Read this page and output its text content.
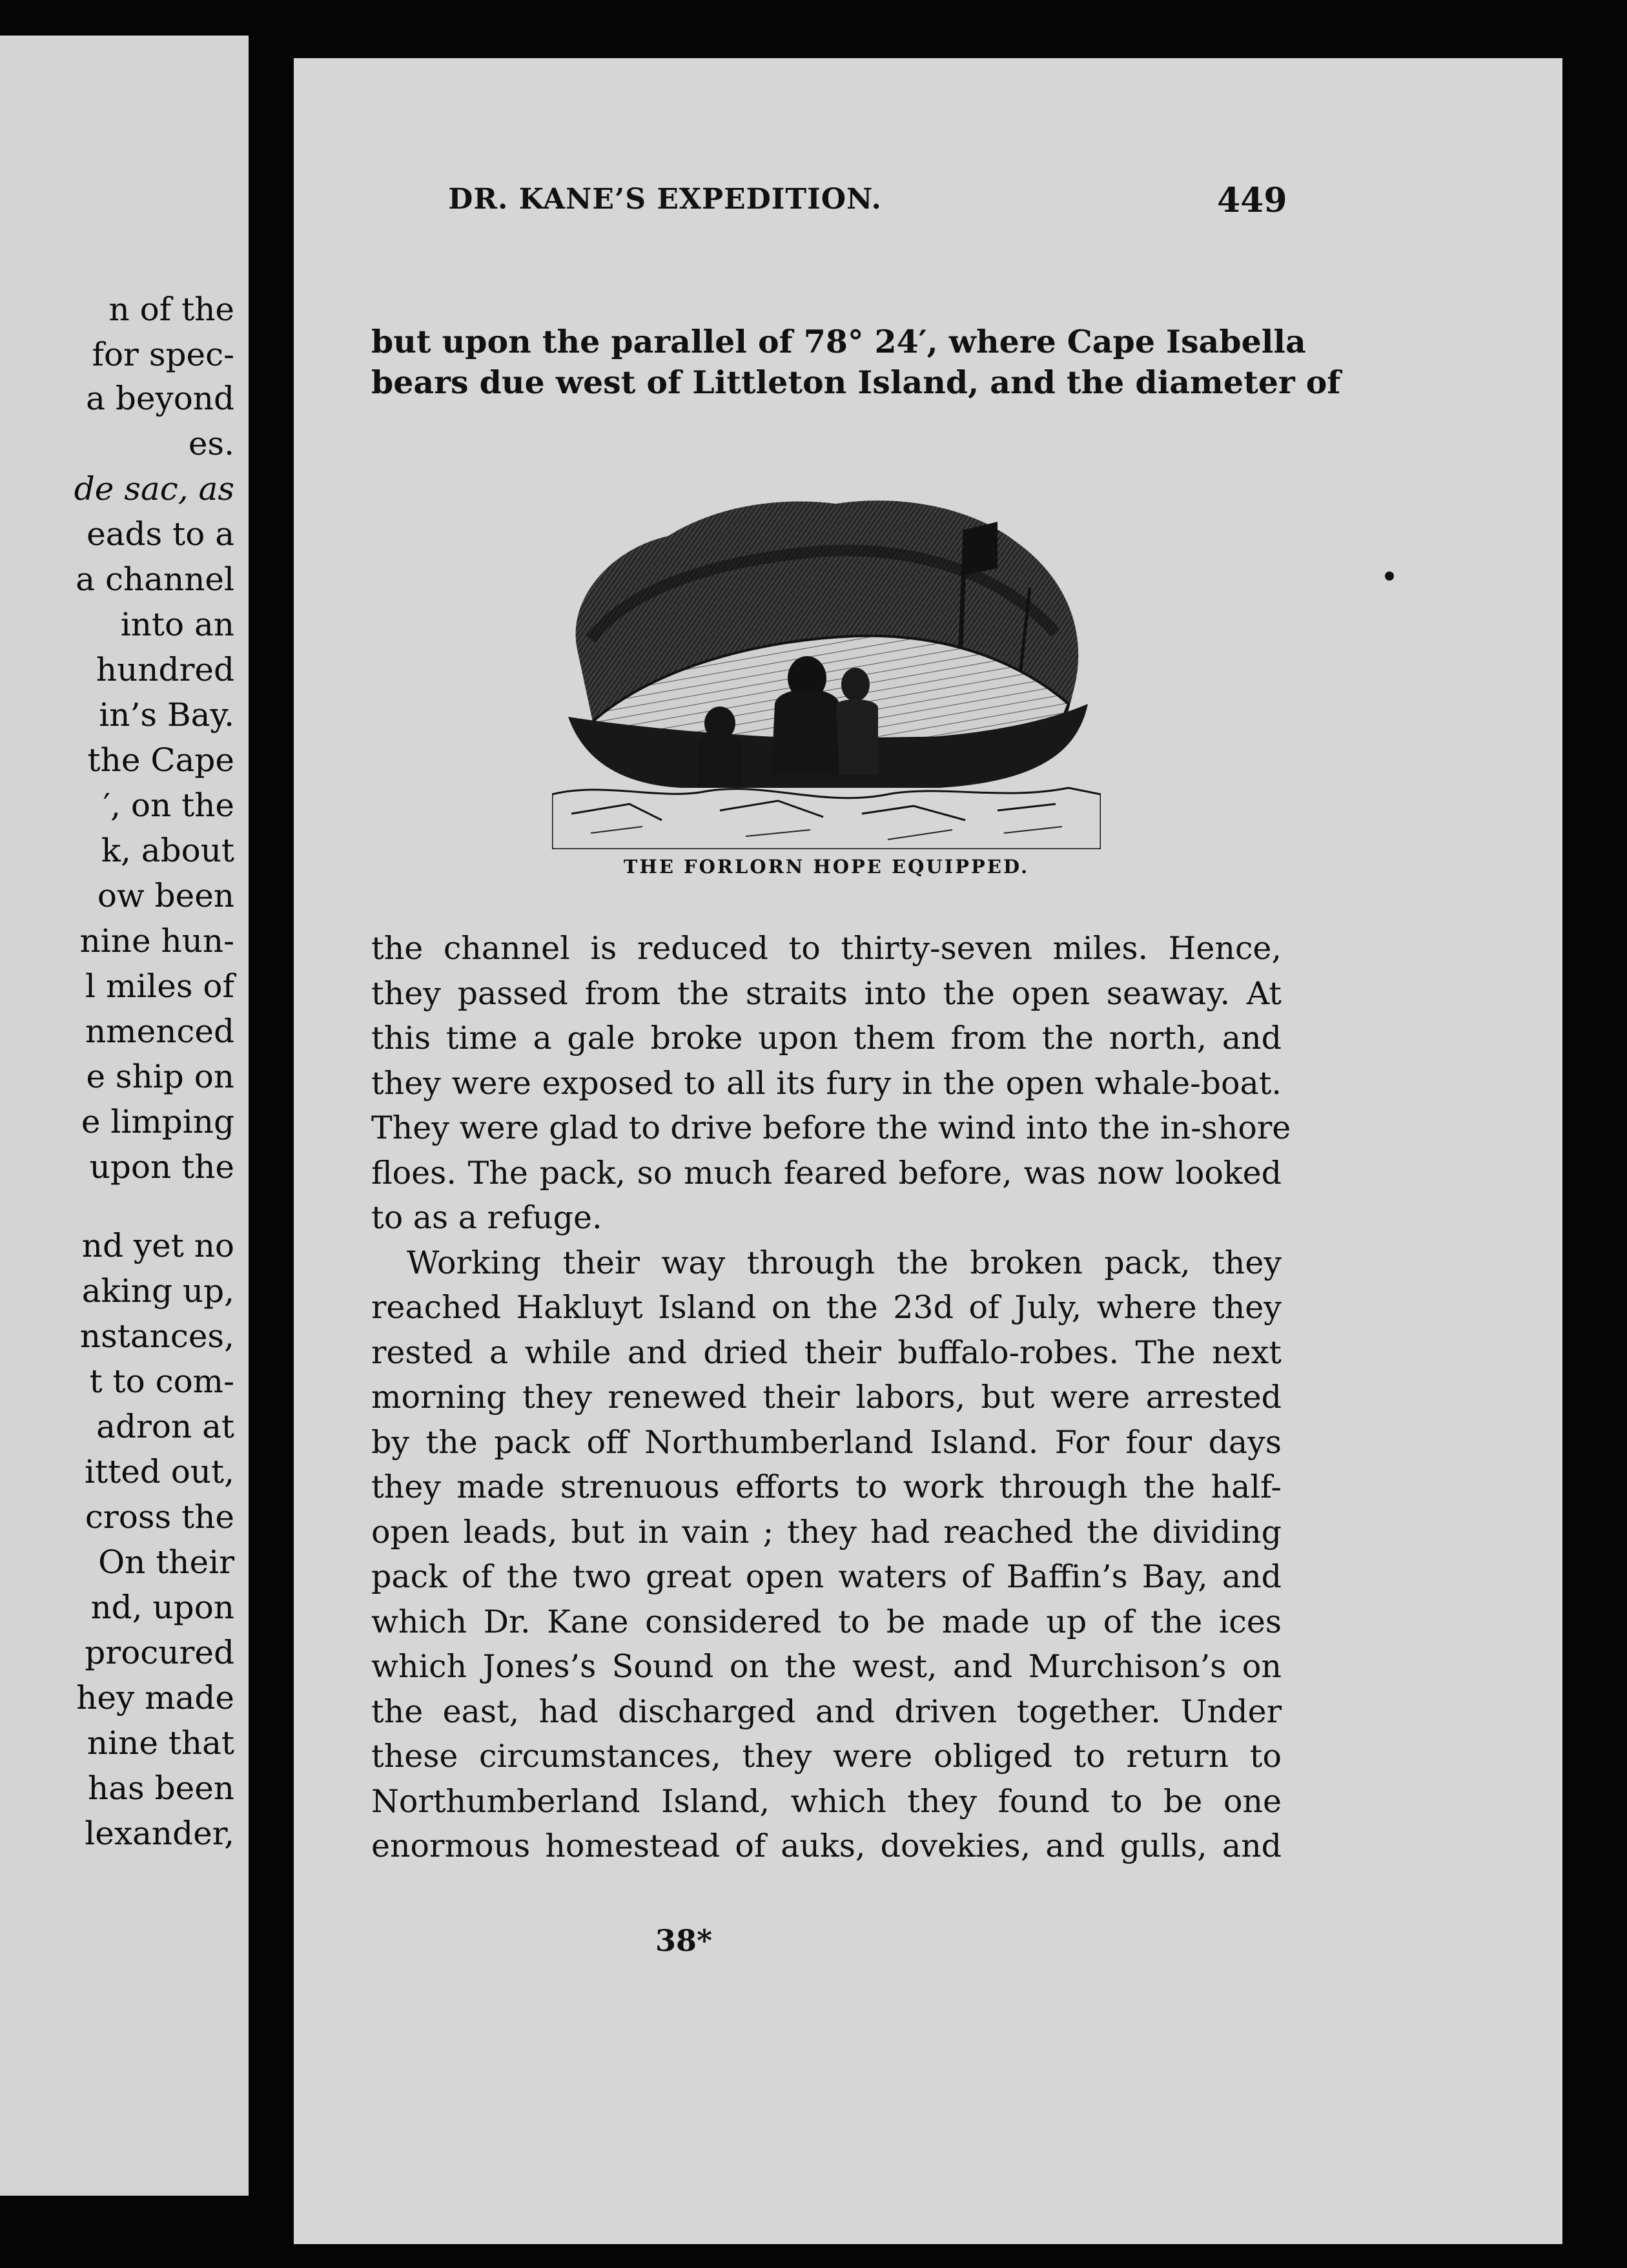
n of the
for spec-
a beyond
es.
de sac, as
eads to a
a channel
into an
hundred
in’s Bay.
the Cape
′, on the
k, about
ow been
nine hun-
l miles of
nmenced
e ship on
e limping
upon the
nd yet no
aking up,
nstances,
t to com-
adron at
itted out,
cross the
On their
nd, upon
procured
hey made
nine that
has been
lexander,
DR. KANE’S EXPEDITION.	449
but upon the parallel of 78° 24′, where Cape Isabella
bears due west of Littleton Island, and the diameter of
THE FORLORN HOPE EQUIPPED.
the channel is reduced to thirty-seven miles. Hence,
they passed from the straits into the open seaway. At
this time a gale broke upon them from the north, and
they were exposed to all its fury in the open whale-boat.
They were glad to drive before the wind into the in-shore
floes. The pack, so much feared before, was now looked
to as a refuge.
Working their way through the broken pack, they
reached Hakluyt Island on the 23d of July, where they
rested a while and dried their buffalo-robes. The next
morning they renewed their labors, but were arrested
by the pack off Northumberland Island. For four days
they made strenuous efforts to work through the half-
open leads, but in vain ; they had reached the dividing
pack of the two great open waters of Baffin’s Bay, and
which Dr. Kane considered to be made up of the ices
which Jones’s Sound on the west, and Murchison’s on
the east, had discharged and driven together. Under
these circumstances, they were obliged to return to
Northumberland Island, which they found to be one
enormous homestead of auks, dovekies, and gulls, and
38*
